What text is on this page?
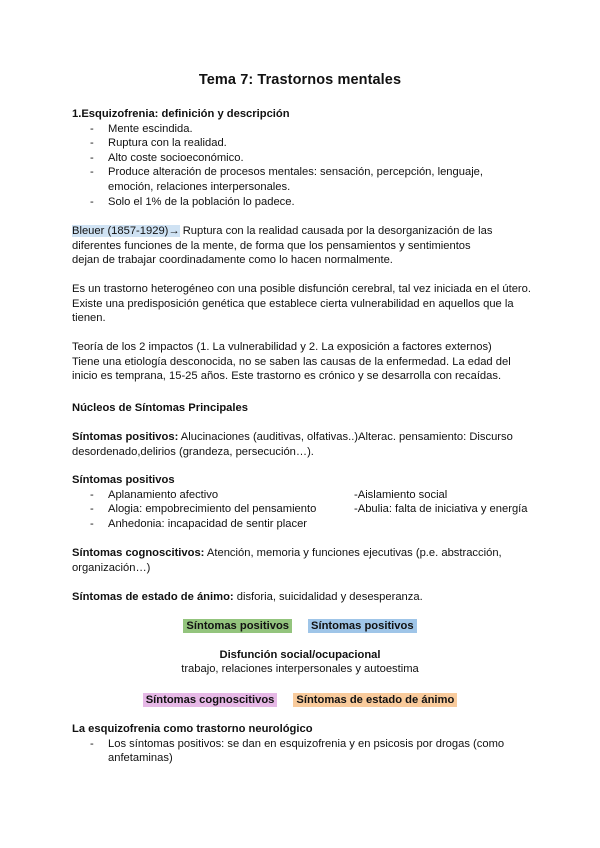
Tema 7: Trastornos mentales
1.Esquizofrenia: definición y descripción
- Mente escindida.
- Ruptura con la realidad.
- Alto coste socioeconómico.
- Produce alteración de procesos mentales: sensación, percepción, lenguaje, emoción, relaciones interpersonales.
- Solo el 1% de la población lo padece.
Bleuer (1857-1929)→ Ruptura con la realidad causada por la desorganización de las
diferentes funciones de la mente, de forma que los pensamientos y sentimientos
dejan de trabajar coordinadamente como lo hacen normalmente.
Es un trastorno heterogéneo con una posible disfunción cerebral, tal vez iniciada en el útero.
Existe una predisposición genética que establece cierta vulnerabilidad en aquellos que la
tienen.
Teoría de los 2 impactos (1. La vulnerabilidad y 2. La exposición a factores externos)
Tiene una etiología desconocida, no se saben las causas de la enfermedad. La edad del
inicio es temprana, 15-25 años. Este trastorno es crónico y se desarrolla con recaídas.
Núcleos de Síntomas Principales
Síntomas positivos: Alucinaciones (auditivas, olfativas..)Alterac. pensamiento: Discurso
desordenado,delirios (grandeza, persecución…).
Síntomas positivos
- Aplanamiento afectivo	-Aislamiento social
- Alogia: empobrecimiento del pensamiento	-Abulia: falta de iniciativa y energía
- Anhedonia: incapacidad de sentir placer
Síntomas cognoscitivos: Atención, memoria y funciones ejecutivas (p.e. abstracción,
organización…)
Síntomas de estado de ánimo: disforia, suicidalidad y desesperanza.
Síntomas positivos Síntomas positivos
Disfunción social/ocupacional
trabajo, relaciones interpersonales y autoestima
Síntomas cognoscitivos Síntomas de estado de ánimo
La esquizofrenia como trastorno neurológico
- Los síntomas positivos: se dan en esquizofrenia y en psicosis por drogas (como
anfetaminas)
